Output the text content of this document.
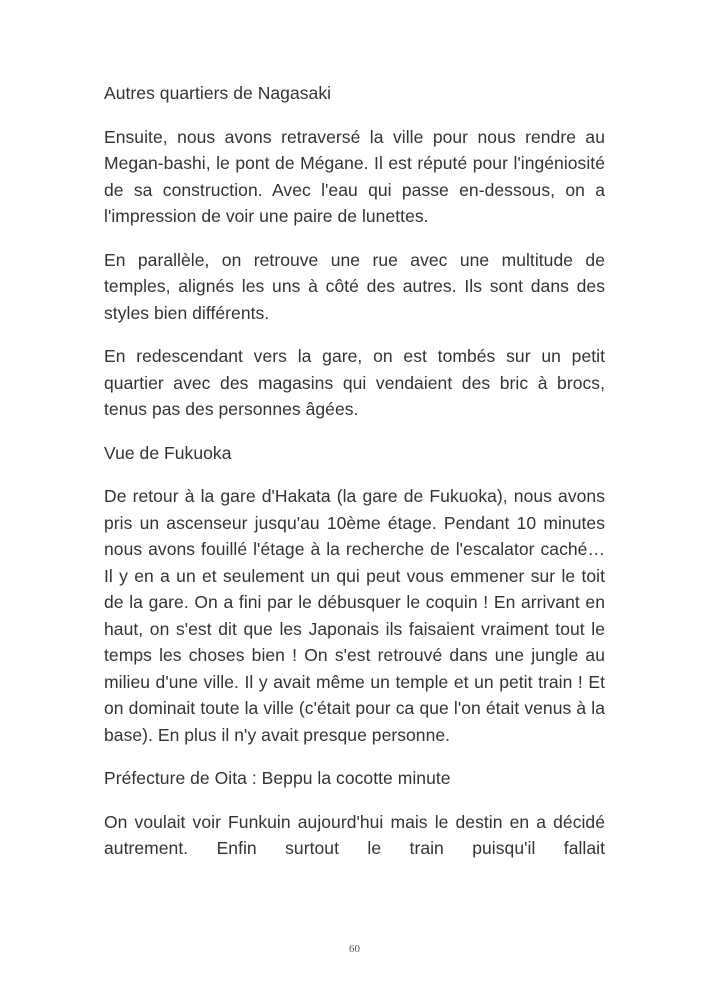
Autres quartiers de Nagasaki
Ensuite, nous avons retraversé la ville pour nous rendre au Megan-bashi, le pont de Mégane. Il est réputé pour l'ingéniosité de sa construction. Avec l'eau qui passe en-dessous, on a l'impression de voir une paire de lunettes.
En parallèle, on retrouve une rue avec une multitude de temples, alignés les uns à côté des autres. Ils sont dans des styles bien différents.
En redescendant vers la gare, on est tombés sur un petit quartier avec des magasins qui vendaient des bric à brocs, tenus pas des personnes âgées.
Vue de Fukuoka
De retour à la gare d'Hakata (la gare de Fukuoka), nous avons pris un ascenseur jusqu'au 10ème étage. Pendant 10 minutes nous avons fouillé l'étage à la recherche de l'escalator caché… Il y en a un et seulement un qui peut vous emmener sur le toit de la gare. On a fini par le débusquer le coquin ! En arrivant en haut, on s'est dit que les Japonais ils faisaient vraiment tout le temps les choses bien ! On s'est retrouvé dans une jungle au milieu d'une ville. Il y avait même un temple et un petit train ! Et on dominait toute la ville (c'était pour ca que l'on était venus à la base). En plus il n'y avait presque personne.
Préfecture de Oita : Beppu la cocotte minute
On voulait voir Funkuin aujourd'hui mais le destin en a décidé autrement. Enfin surtout le train puisqu'il fallait
60
